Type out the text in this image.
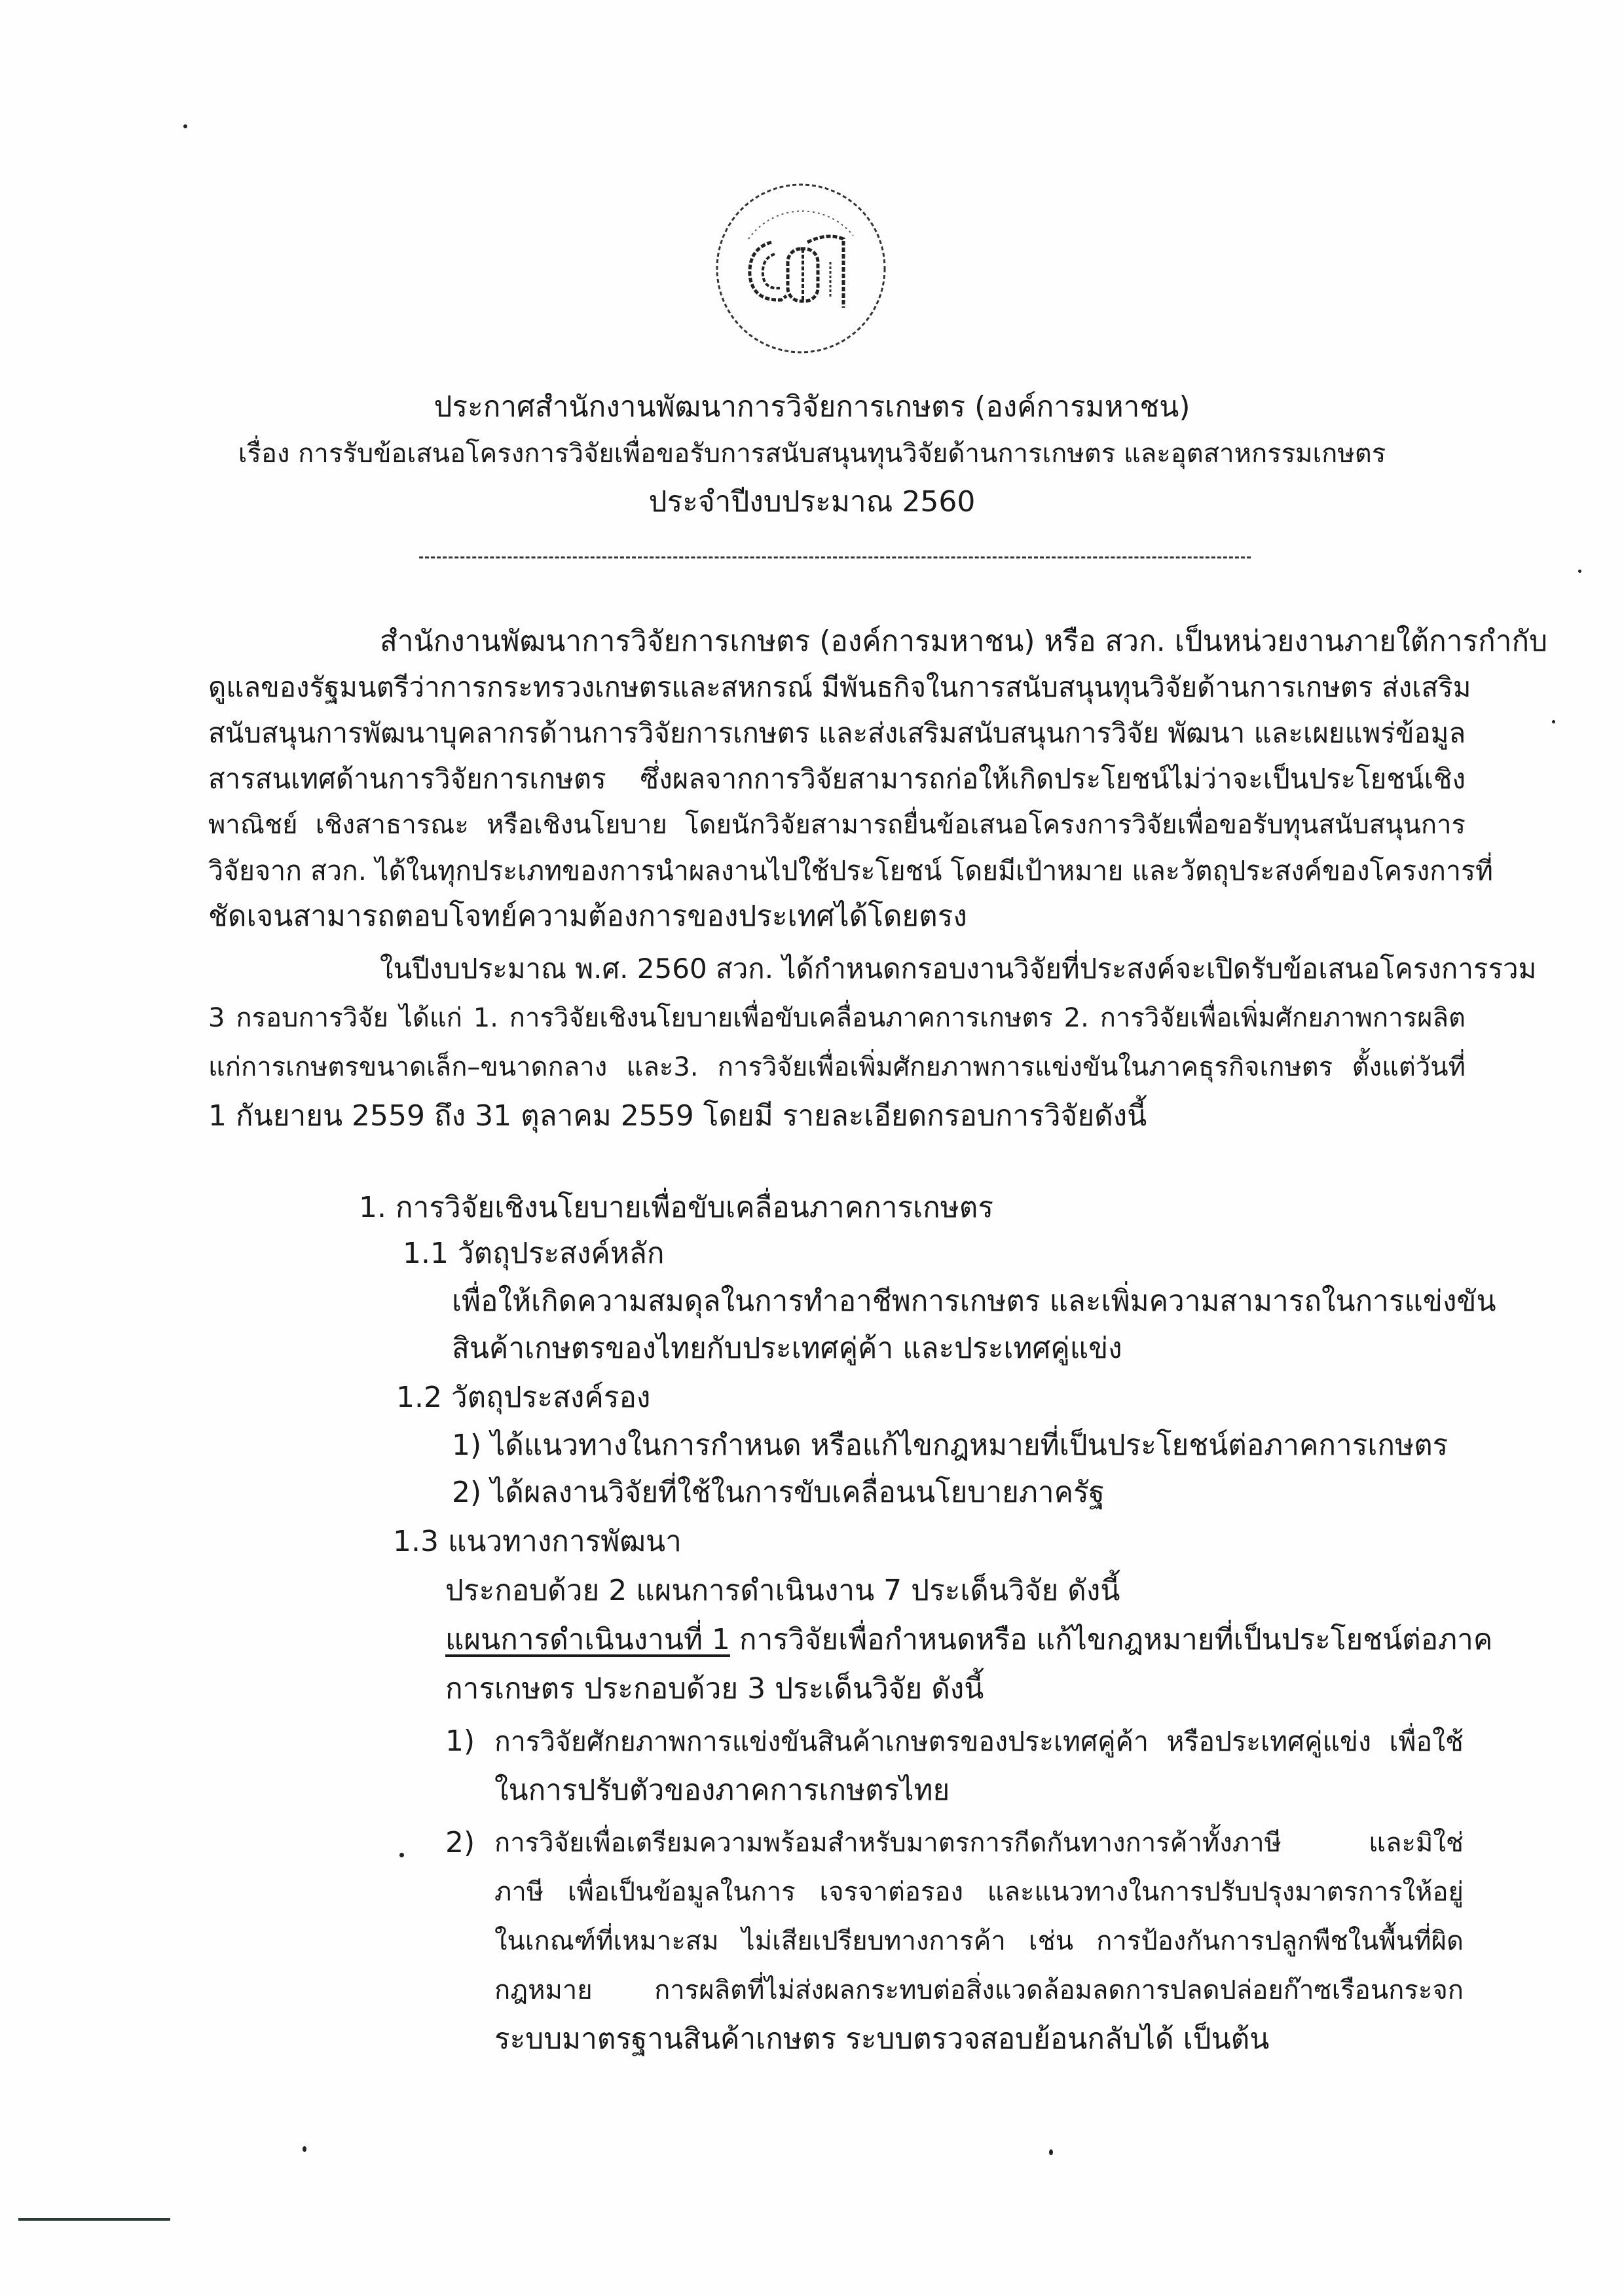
ประกาศสำนักงานพัฒนาการวิจัยการเกษตร (องค์การมหาชน)
เรื่อง การรับข้อเสนอโครงการวิจัยเพื่อขอรับการสนับสนุนทุนวิจัยด้านการเกษตร และอุตสาหกรรมเกษตร
ประจำปีงบประมาณ 2560
สำนักงานพัฒนาการวิจัยการเกษตร (องค์การมหาชน) หรือ สวก. เป็นหน่วยงานภายใต้การกำกับ
ดูแลของรัฐมนตรีว่าการกระทรวงเกษตรและสหกรณ์ มีพันธกิจในการสนับสนุนทุนวิจัยด้านการเกษตร ส่งเสริม
สนับสนุนการพัฒนาบุคลากรด้านการวิจัยการเกษตร และส่งเสริมสนับสนุนการวิจัย พัฒนา และเผยแพร่ข้อมูล
สารสนเทศด้านการวิจัยการเกษตร ซึ่งผลจากการวิจัยสามารถก่อให้เกิดประโยชน์ไม่ว่าจะเป็นประโยชน์เชิง
พาณิชย์ เชิงสาธารณะ หรือเชิงนโยบาย โดยนักวิจัยสามารถยื่นข้อเสนอโครงการวิจัยเพื่อขอรับทุนสนับสนุนการ
วิจัยจาก สวก. ได้ในทุกประเภทของการนำผลงานไปใช้ประโยชน์ โดยมีเป้าหมาย และวัตถุประสงค์ของโครงการที่
ชัดเจนสามารถตอบโจทย์ความต้องการของประเทศได้โดยตรง
ในปีงบประมาณ พ.ศ. 2560 สวก. ได้กำหนดกรอบงานวิจัยที่ประสงค์จะเปิดรับข้อเสนอโครงการรวม
3 กรอบการวิจัย ได้แก่ 1. การวิจัยเชิงนโยบายเพื่อขับเคลื่อนภาคการเกษตร 2. การวิจัยเพื่อเพิ่มศักยภาพการผลิต
แก่การเกษตรขนาดเล็ก–ขนาดกลาง และ3. การวิจัยเพื่อเพิ่มศักยภาพการแข่งขันในภาคธุรกิจเกษตร ตั้งแต่วันที่
1 กันยายน 2559 ถึง 31 ตุลาคม 2559 โดยมี รายละเอียดกรอบการวิจัยดังนี้
1. การวิจัยเชิงนโยบายเพื่อขับเคลื่อนภาคการเกษตร
1.1 วัตถุประสงค์หลัก
เพื่อให้เกิดความสมดุลในการทำอาชีพการเกษตร และเพิ่มความสามารถในการแข่งขัน
สินค้าเกษตรของไทยกับประเทศคู่ค้า และประเทศคู่แข่ง
1.2 วัตถุประสงค์รอง
1) ได้แนวทางในการกำหนด หรือแก้ไขกฎหมายที่เป็นประโยชน์ต่อภาคการเกษตร
2) ได้ผลงานวิจัยที่ใช้ในการขับเคลื่อนนโยบายภาครัฐ
1.3 แนวทางการพัฒนา
ประกอบด้วย 2 แผนการดำเนินงาน 7 ประเด็นวิจัย ดังนี้
แผนการดำเนินงานที่ 1 การวิจัยเพื่อกำหนดหรือ แก้ไขกฎหมายที่เป็นประโยชน์ต่อภาค
การเกษตร ประกอบด้วย 3 ประเด็นวิจัย ดังนี้
1) การวิจัยศักยภาพการแข่งขันสินค้าเกษตรของประเทศคู่ค้า หรือประเทศคู่แข่ง เพื่อใช้
ในการปรับตัวของภาคการเกษตรไทย
2) การวิจัยเพื่อเตรียมความพร้อมสำหรับมาตรการกีดกันทางการค้าทั้งภาษี และมิใช่
ภาษี เพื่อเป็นข้อมูลในการ เจรจาต่อรอง และแนวทางในการปรับปรุงมาตรการให้อยู่
ในเกณฑ์ที่เหมาะสม ไม่เสียเปรียบทางการค้า เช่น การป้องกันการปลูกพืชในพื้นที่ผิด
กฎหมาย การผลิตที่ไม่ส่งผลกระทบต่อสิ่งแวดล้อมลดการปลดปล่อยก๊าซเรือนกระจก
ระบบมาตรฐานสินค้าเกษตร ระบบตรวจสอบย้อนกลับได้ เป็นต้น
